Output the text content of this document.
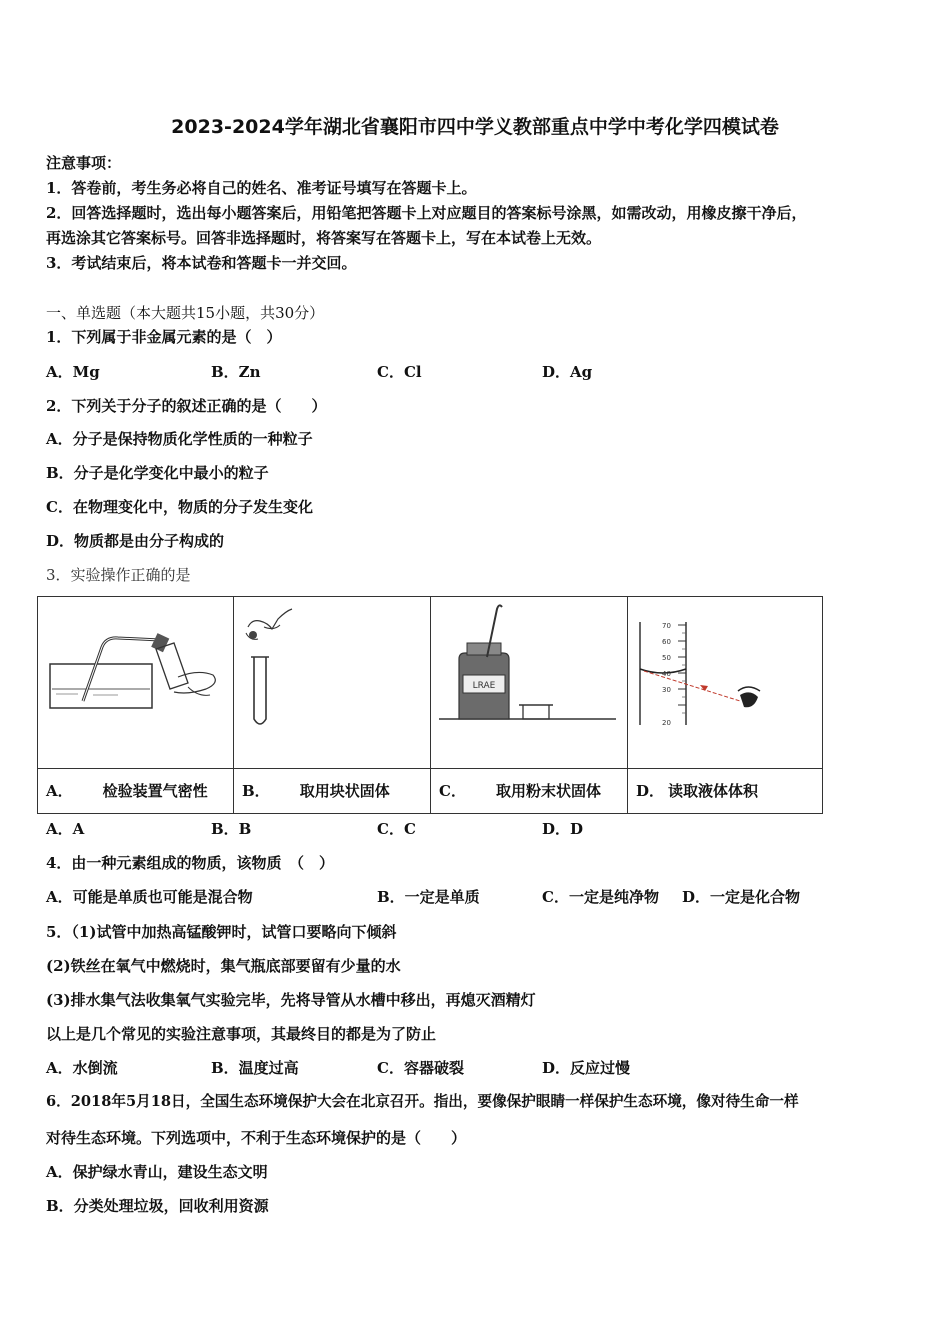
2023-2024学年湖北省襄阳市四中学义教部重点中学中考化学四模试卷
注意事项：
1．答卷前，考生务必将自己的姓名、准考证号填写在答题卡上。
2．回答选择题时，选出每小题答案后，用铅笔把答题卡上对应题目的答案标号涂黑，如需改动，用橡皮擦干净后，
再选涂其它答案标号。回答非选择题时，将答案写在答题卡上，写在本试卷上无效。
3．考试结束后，将本试卷和答题卡一并交回。
一、单选题（本大题共15小题，共30分）
1．下列属于非金属元素的是（　）
A．Mg	B．Zn	C．Cl	D．Ag
2．下列关于分子的叙述正确的是（　　）
A．分子是保持物质化学性质的一种粒子
B．分子是化学变化中最小的粒子
C．在物理变化中，物质的分子发生变化
D．物质都是由分子构成的
3．实验操作正确的是
LRAE
70
60
50
40
30
20
A． 检验装置气密性	B． 取用块状固体	C． 取用粉末状固体	D． 读取液体体积
A．A	B．B	C．C	D．D
4．由一种元素组成的物质，该物质　（　）
A．可能是单质也可能是混合物	B．一定是单质	C．一定是纯净物 D．一定是化合物
5．（1)试管中加热高锰酸钾时，试管口要略向下倾斜
(2)铁丝在氧气中燃烧时，集气瓶底部要留有少量的水
(3)排水集气法收集氧气实验完毕，先将导管从水槽中移出，再熄灭酒精灯
以上是几个常见的实验注意事项，其最终目的都是为了防止
A．水倒流	B．温度过高	C．容器破裂	D．反应过慢
6．2018年5月18日，全国生态环境保护大会在北京召开。指出，要像保护眼睛一样保护生态环境，像对待生命一样
对待生态环境。下列选项中，不利于生态环境保护的是（　　）
A．保护绿水青山，建设生态文明
B．分类处理垃圾，回收利用资源
